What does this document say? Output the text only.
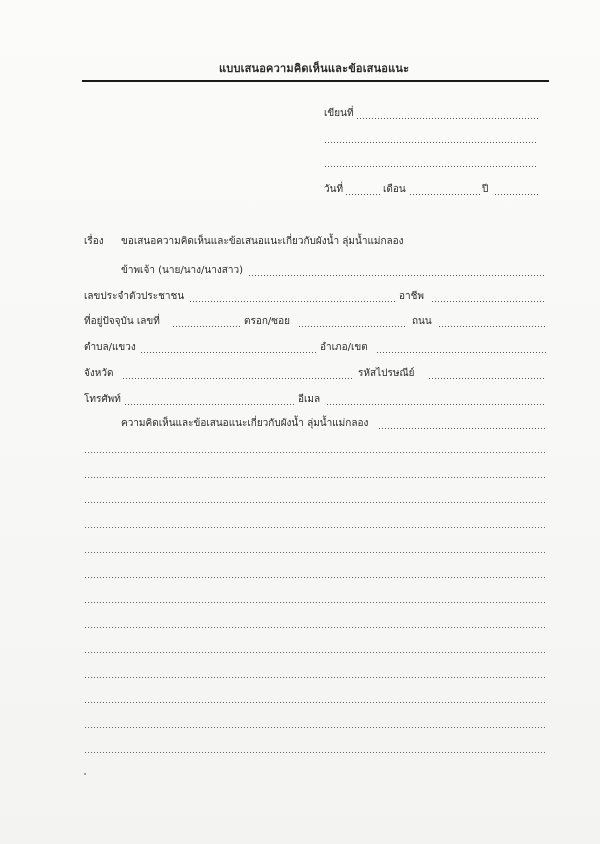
แบบเสนอความคิดเห็นและข้อเสนอแนะ
เขียนที่
วันที่	เดือน	ปี
เรื่อง ขอเสนอความคิดเห็นและข้อเสนอแนะเกี่ยวกับผังน้ำ ลุ่มน้ำแม่กลอง
ข้าพเจ้า (นาย/นาง/นางสาว)
เลขประจำตัวประชาชน	อาชีพ
ที่อยู่ปัจจุบัน เลขที่	ตรอก/ซอย	ถนน
ตำบล/แขวง	อำเภอ/เขต
จังหวัด	รหัสไปรษณีย์
โทรศัพท์	อีเมล
ความคิดเห็นและข้อเสนอแนะเกี่ยวกับผังน้ำ ลุ่มน้ำแม่กลอง
